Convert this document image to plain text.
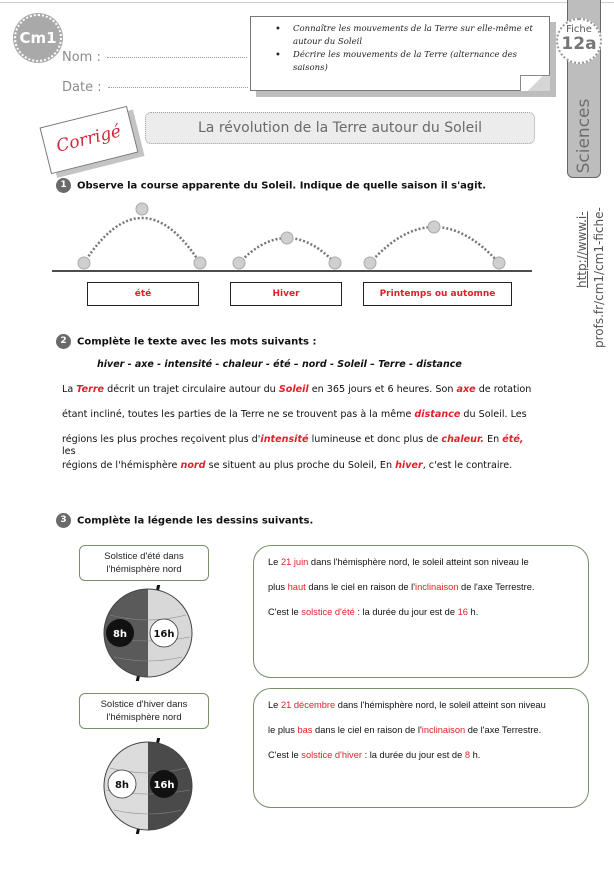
Cm1
Nom :
Date :
• Connaître les mouvements de la Terre sur elle-même et autour du Soleil
• Décrire les mouvements de la Terre (alternance des saisons)
Sciences
Fiche
12a
http://www.i- profs.fr/cm1/cm1-fiche-
La révolution de la Terre autour du Soleil
Corrigé
1 Observe la course apparente du Soleil. Indique de quelle saison il s'agit.
été	Hiver	Printemps ou automne
2 Complète le texte avec les mots suivants :
hiver - axe - intensité - chaleur - été – nord - Soleil – Terre - distance
La Terre décrit un trajet circulaire autour du Soleil en 365 jours et 6 heures. Son axe de rotation
étant incliné, toutes les parties de la Terre ne se trouvent pas à la même distance du Soleil. Les
régions les plus proches reçoivent plus d'intensité lumineuse et donc plus de chaleur. En été, les
régions de l'hémisphère nord se situent au plus proche du Soleil, En hiver, c'est le contraire.
3 Complète la légende les dessins suivants.
Solstice d'été dans
l'hémisphère nord
8h	16h

Le 21 juin dans l'hémisphère nord, le soleil atteint son niveau le

plus haut dans le ciel en raison de l'inclinaison de l'axe Terrestre.

C'est le solstice d'été : la durée du jour est de 16 h.

Solstice d'hiver dans
l'hémisphère nord
8h 16h

Le 21 décembre dans l'hémisphère nord, le soleil atteint son niveau

le plus bas dans le ciel en raison de l'inclinaison de l'axe Terrestre.

C'est le solstice d'hiver : la durée du jour est de 8 h.
